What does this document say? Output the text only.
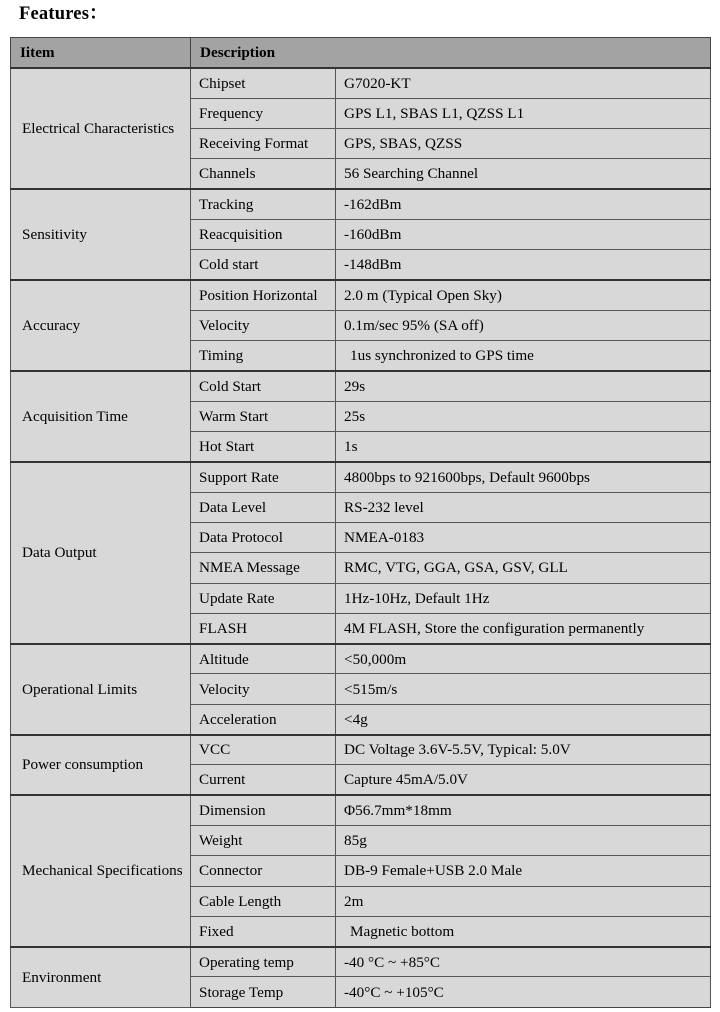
Features：
Iitem	Description	

Electrical Characteristics	Chipset	G7020-KT

	Frequency	GPS L1, SBAS L1, QZSS L1

	Receiving Format	GPS, SBAS, QZSS

	Channels	56 Searching Channel

Sensitivity	Tracking	-162dBm

	Reacquisition	-160dBm

	Cold start	-148dBm

Accuracy	Position Horizontal	2.0 m (Typical Open Sky)

	Velocity	0.1m/sec 95% (SA off)

	Timing	1us synchronized to GPS time

Acquisition Time	Cold Start	29s

	Warm Start	25s

	Hot Start	1s

Data Output	Support Rate	4800bps to 921600bps, Default 9600bps

	Data Level	RS-232 level

	Data Protocol	NMEA-0183

	NMEA Message	RMC, VTG, GGA, GSA, GSV, GLL

	Update Rate	1Hz-10Hz, Default 1Hz

	FLASH	4M FLASH, Store the configuration permanently

Operational Limits	Altitude	<50,000m

	Velocity	<515m/s

	Acceleration	<4g

Power consumption	VCC	DC Voltage 3.6V-5.5V, Typical: 5.0V

	Current	Capture 45mA/5.0V

Mechanical Specifications	Dimension	Φ56.7mm*18mm

	Weight	85g

	Connector	DB-9 Female+USB 2.0 Male

	Cable Length	2m

	Fixed	Magnetic bottom

Environment	Operating temp	-40 °C ~ +85°C

	Storage Temp	-40°C ~ +105°C
